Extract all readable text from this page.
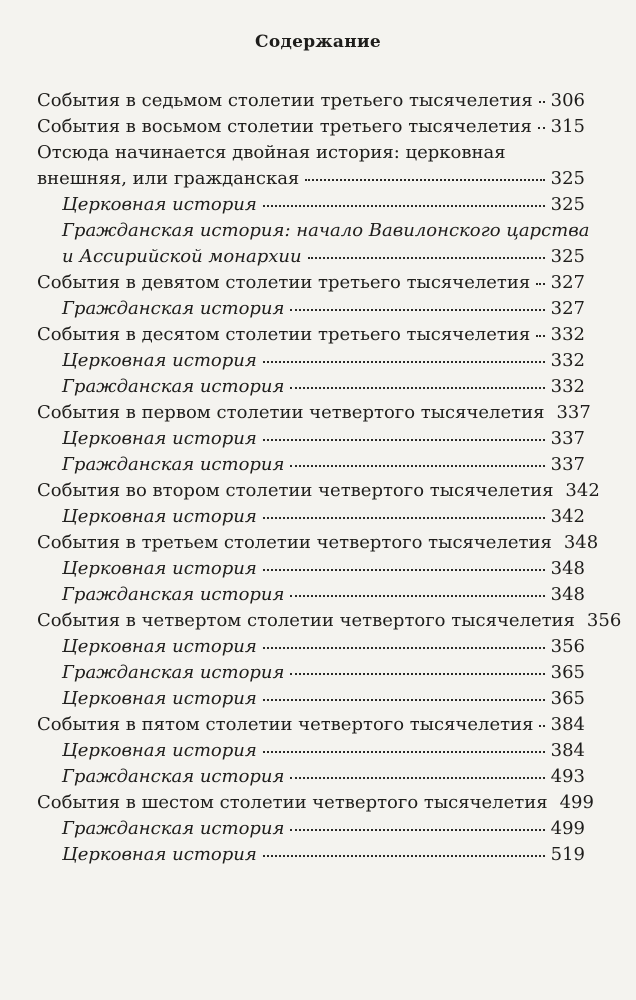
Содержание
События в седьмом столетии третьего тысячелетия 306
События в восьмом столетии третьего тысячелетия 315
Отсюда начинается двойная история: церковная
внешняя, или гражданская	325
Церковная история	325
Гражданская история: начало Вавилонского царства
и Ассирийской монархии	325
События в девятом столетии третьего тысячелетия 327
Гражданская история	327
События в десятом столетии третьего тысячелетия 332
Церковная история	332
Гражданская история	332
События в первом столетии четвертого тысячелетия 337
Церковная история	337
Гражданская история	337
События во втором столетии четвертого тысячелетия 342
Церковная история	342
События в третьем столетии четвертого тысячелетия 348
Церковная история	348
Гражданская история	348
События в четвертом столетии четвертого тысячелетия 356
Церковная история	356
Гражданская история	365
Церковная история	365
События в пятом столетии четвертого тысячелетия 384
Церковная история	384
Гражданская история	493
События в шестом столетии четвертого тысячелетия 499
Гражданская история	499
Церковная история	519
